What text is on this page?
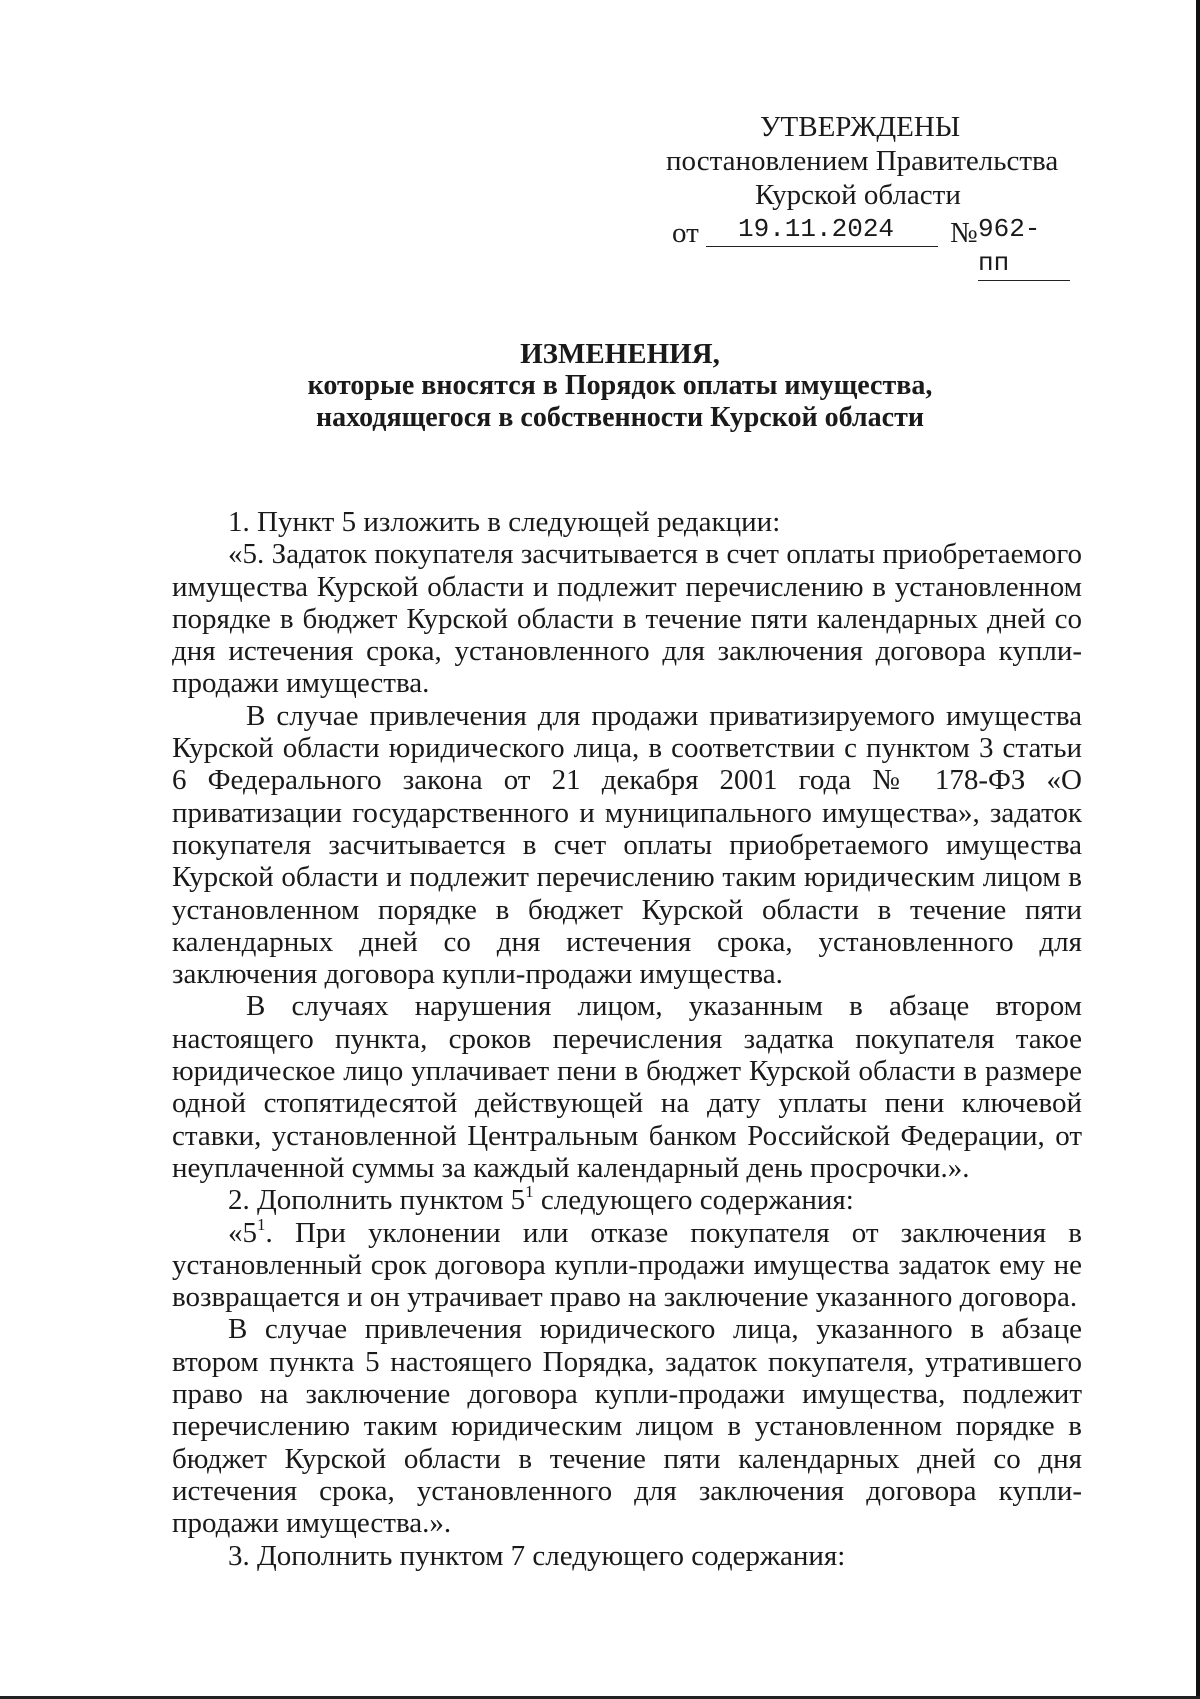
УТВЕРЖДЕНЫ
постановлением Правительства
Курской области
от	19.11.2024	№ 962-пп
ИЗМЕНЕНИЯ,
которые вносятся в Порядок оплаты имущества,
находящегося в собственности Курской области

1. Пункт 5 изложить в следующей редакции:

«5. Задаток покупателя засчитывается в счет оплаты приобретаемого имущества Курской области и подлежит перечислению в установленном порядке в бюджет Курской области в течение пяти календарных дней со дня истечения срока, установленного для заключения договора купли-продажи имущества.

В случае привлечения для продажи приватизируемого имущества Курской области юридического лица, в соответствии с пунктом 3 статьи 6 Федерального закона от 21 декабря 2001 года № 178-ФЗ «О приватизации государственного и муниципального имущества», задаток покупателя засчитывается в счет оплаты приобретаемого имущества Курской области и подлежит перечислению таким юридическим лицом в установленном порядке в бюджет Курской области в течение пяти календарных дней со дня истечения срока, установленного для заключения договора купли-продажи имущества.

В случаях нарушения лицом, указанным в абзаце втором настоящего пункта, сроков перечисления задатка покупателя такое юридическое лицо уплачивает пени в бюджет Курской области в размере одной стопятидесятой действующей на дату уплаты пени ключевой ставки, установленной Центральным банком Российской Федерации, от неуплаченной суммы за каждый календарный день просрочки.».

2. Дополнить пунктом $5^1$ следующего содержания:

«$5^1$. При уклонении или отказе покупателя от заключения в установленный срок договора купли-продажи имущества задаток ему не возвращается и он утрачивает право на заключение указанного договора.

В случае привлечения юридического лица, указанного в абзаце втором пункта 5 настоящего Порядка, задаток покупателя, утратившего право на заключение договора купли-продажи имущества, подлежит перечислению таким юридическим лицом в установленном порядке в бюджет Курской области в течение пяти календарных дней со дня истечения срока, установленного для заключения договора купли-продажи имущества.».

3. Дополнить пунктом 7 следующего содержания:
